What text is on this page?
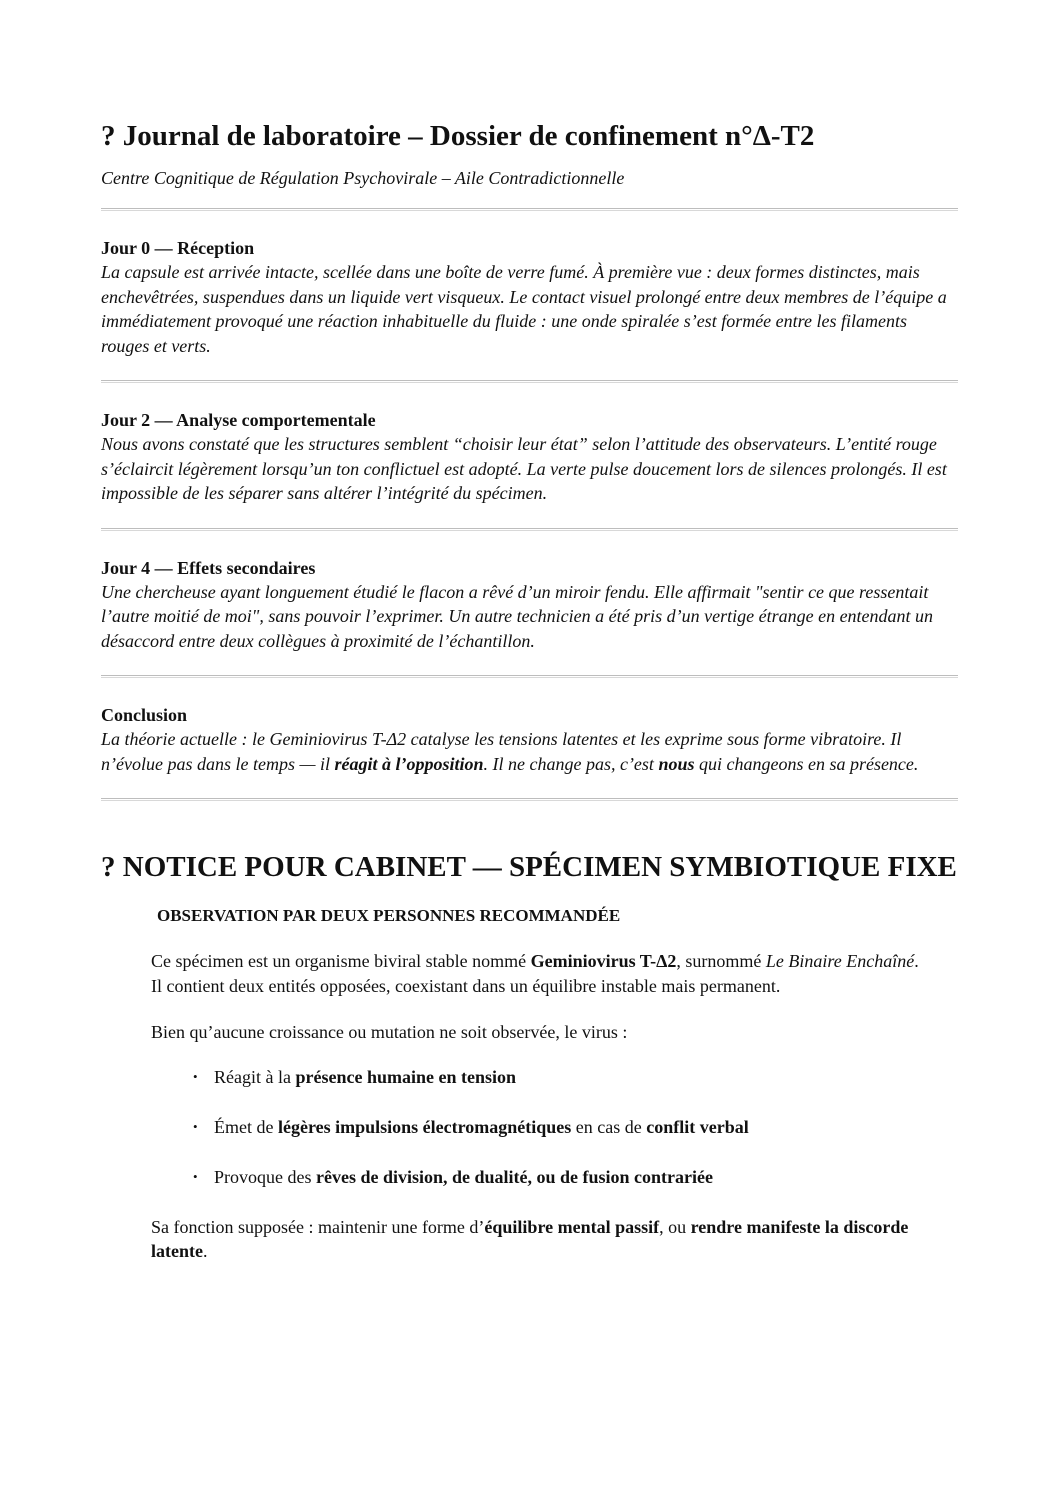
? Journal de laboratoire – Dossier de confinement n°Δ-T2
Centre Cognitique de Régulation Psychovirale – Aile Contradictionnelle
Jour 0 — Réception

La capsule est arrivée intacte, scellée dans une boîte de verre fumé. À première vue : deux formes distinctes, mais enchevêtrées, suspendues dans un liquide vert visqueux. Le contact visuel prolongé entre deux membres de l’équipe a immédiatement provoqué une réaction inhabituelle du fluide : une onde spiralée s’est formée entre les filaments rouges et verts.

Jour 2 — Analyse comportementale

Nous avons constaté que les structures semblent “choisir leur état” selon l’attitude des observateurs. L’entité rouge s’éclaircit légèrement lorsqu’un ton conflictuel est adopté. La verte pulse doucement lors de silences prolongés. Il est impossible de les séparer sans altérer l’intégrité du spécimen.

Jour 4 — Effets secondaires

Une chercheuse ayant longuement étudié le flacon a rêvé d’un miroir fendu. Elle affirmait "sentir ce que ressentait l’autre moitié de moi", sans pouvoir l’exprimer. Un autre technicien a été pris d’un vertige étrange en entendant un désaccord entre deux collègues à proximité de l’échantillon.

Conclusion

La théorie actuelle : le Geminiovirus T-Δ2 catalyse les tensions latentes et les exprime sous forme vibratoire. Il n’évolue pas dans le temps — il réagit à l’opposition. Il ne change pas, c’est nous qui changeons en sa présence.

? NOTICE POUR CABINET — SPÉCIMEN SYMBIOTIQUE FIXE
OBSERVATION PAR DEUX PERSONNES RECOMMANDÉE

Ce spécimen est un organisme biviral stable nommé Geminiovirus T-Δ2, surnommé Le Binaire Enchaîné.
Il contient deux entités opposées, coexistant dans un équilibre instable mais permanent.

Bien qu’aucune croissance ou mutation ne soit observée, le virus :

• Réagit à la présence humaine en tension
• Émet de légères impulsions électromagnétiques en cas de conflit verbal
• Provoque des rêves de division, de dualité, ou de fusion contrariée

Sa fonction supposée : maintenir une forme d’équilibre mental passif, ou rendre manifeste la discorde latente.
